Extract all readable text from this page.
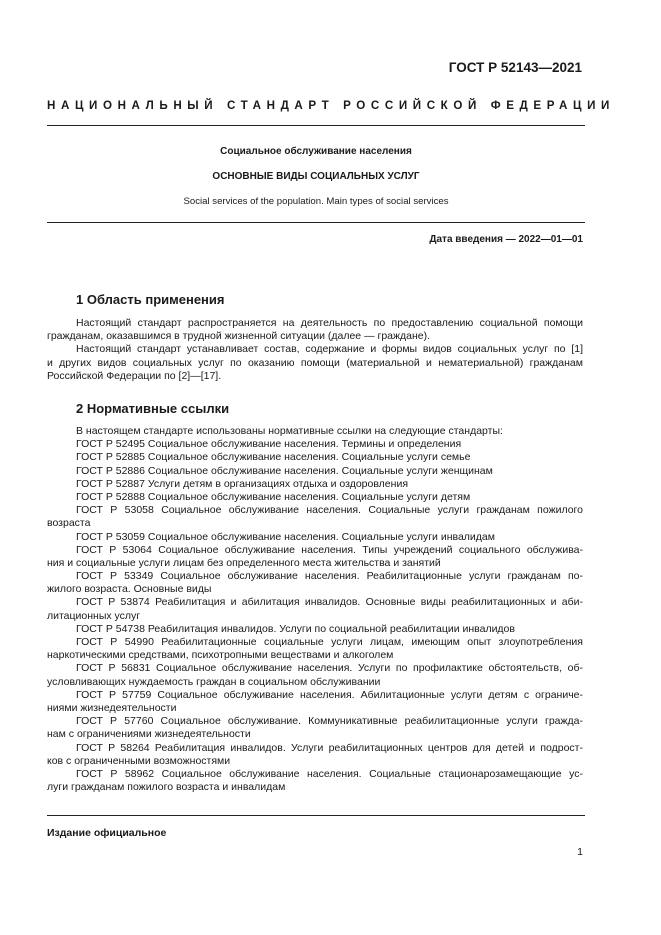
ГОСТ Р 52143—2021
НАЦИОНАЛЬНЫЙ СТАНДАРТ РОССИЙСКОЙ ФЕДЕРАЦИИ
Социальное обслуживание населения
ОСНОВНЫЕ ВИДЫ СОЦИАЛЬНЫХ УСЛУГ
Social services of the population. Main types of social services
Дата введения — 2022—01—01
1 Область применения
Настоящий стандарт распространяется на деятельность по предоставлению социальной помощи
гражданам, оказавшимся в трудной жизненной ситуации (далее — граждане).
Настоящий стандарт устанавливает состав, содержание и формы видов социальных услуг по [1]
и других видов социальных услуг по оказанию помощи (материальной и нематериальной) гражданам
Российской Федерации по [2]—[17].
2 Нормативные ссылки
В настоящем стандарте использованы нормативные ссылки на следующие стандарты:
ГОСТ Р 52495 Социальное обслуживание населения. Термины и определения
ГОСТ Р 52885 Социальное обслуживание населения. Социальные услуги семье
ГОСТ Р 52886 Социальное обслуживание населения. Социальные услуги женщинам
ГОСТ Р 52887 Услуги детям в организациях отдыха и оздоровления
ГОСТ Р 52888 Социальное обслуживание населения. Социальные услуги детям
ГОСТ Р 53058 Социальное обслуживание населения. Социальные услуги гражданам пожилого
возраста
ГОСТ Р 53059 Социальное обслуживание населения. Социальные услуги инвалидам
ГОСТ Р 53064 Социальное обслуживание населения. Типы учреждений социального обслужива-
ния и социальные услуги лицам без определенного места жительства и занятий
ГОСТ Р 53349 Социальное обслуживание населения. Реабилитационные услуги гражданам по-
жилого возраста. Основные виды
ГОСТ Р 53874 Реабилитация и абилитация инвалидов. Основные виды реабилитационных и аби-
литационных услуг
ГОСТ Р 54738 Реабилитация инвалидов. Услуги по социальной реабилитации инвалидов
ГОСТ Р 54990 Реабилитационные социальные услуги лицам, имеющим опыт злоупотребления
наркотическими средствами, психотропными веществами и алкоголем
ГОСТ Р 56831 Социальное обслуживание населения. Услуги по профилактике обстоятельств, об-
условливающих нуждаемость граждан в социальном обслуживании
ГОСТ Р 57759 Социальное обслуживание населения. Абилитационные услуги детям с ограниче-
ниями жизнедеятельности
ГОСТ Р 57760 Социальное обслуживание. Коммуникативные реабилитационные услуги гражда-
нам с ограничениями жизнедеятельности
ГОСТ Р 58264 Реабилитация инвалидов. Услуги реабилитационных центров для детей и подрост-
ков с ограниченными возможностями
ГОСТ Р 58962 Социальное обслуживание населения. Социальные стационарозамещающие ус-
луги гражданам пожилого возраста и инвалидам
Издание официальное
1
